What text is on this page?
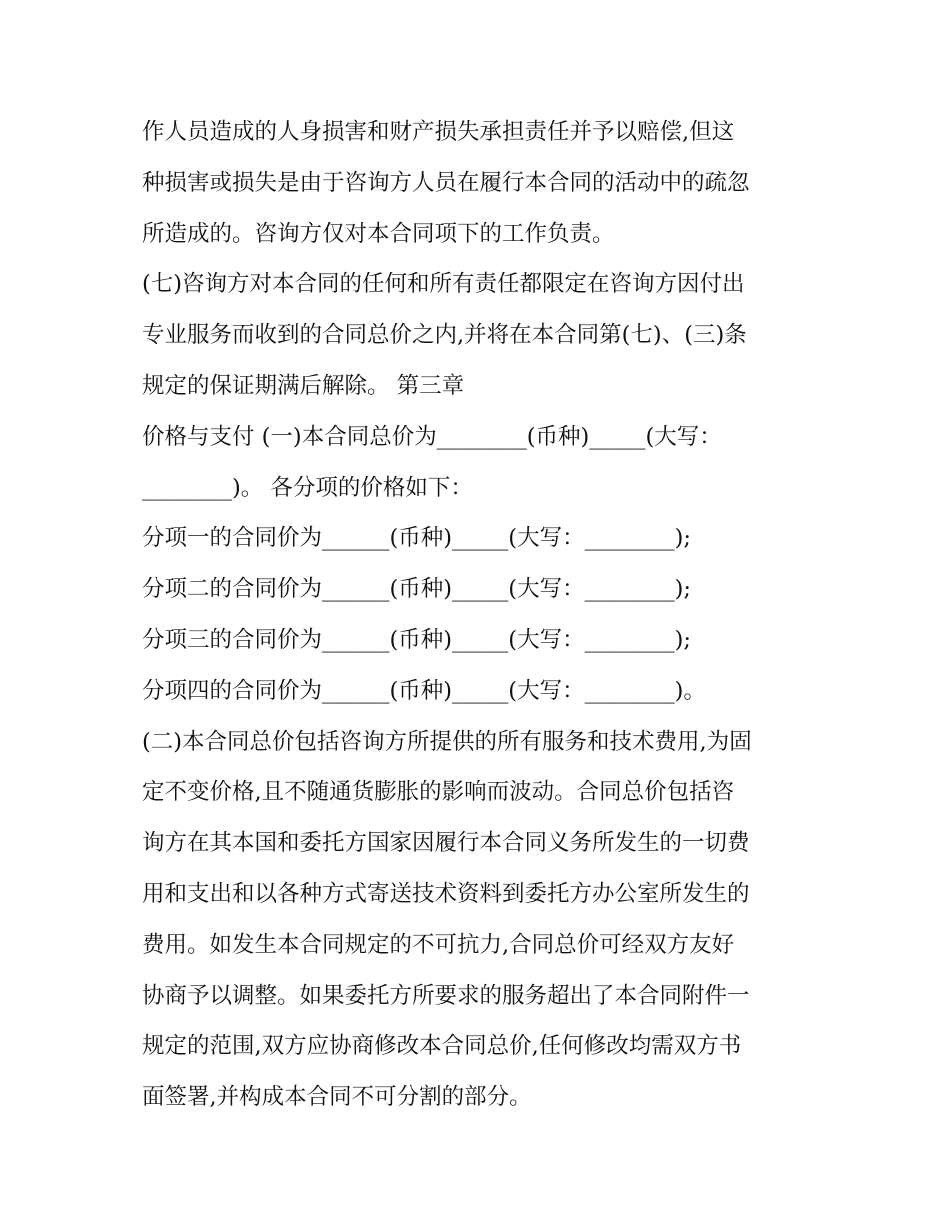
作人员造成的人身损害和财产损失承担责任并予以赔偿,但这
种损害或损失是由于咨询方人员在履行本合同的活动中的疏忽
所造成的。咨询方仅对本合同项下的工作负责。
(七)咨询方对本合同的任何和所有责任都限定在咨询方因付出
专业服务而收到的合同总价之内,并将在本合同第(七)、(三)条
规定的保证期满后解除。 第三章
价格与支付 (一)本合同总价为________(币种)_____(大写：
________)。 各分项的价格如下：
分项一的合同价为______(币种)_____(大写：________);
分项二的合同价为______(币种)_____(大写：________);
分项三的合同价为______(币种)_____(大写：________);
分项四的合同价为______(币种)_____(大写：________)。
(二)本合同总价包括咨询方所提供的所有服务和技术费用,为固
定不变价格,且不随通货膨胀的影响而波动。合同总价包括咨
询方在其本国和委托方国家因履行本合同义务所发生的一切费
用和支出和以各种方式寄送技术资料到委托方办公室所发生的
费用。如发生本合同规定的不可抗力,合同总价可经双方友好
协商予以调整。如果委托方所要求的服务超出了本合同附件一
规定的范围,双方应协商修改本合同总价,任何修改均需双方书
面签署,并构成本合同不可分割的部分。
